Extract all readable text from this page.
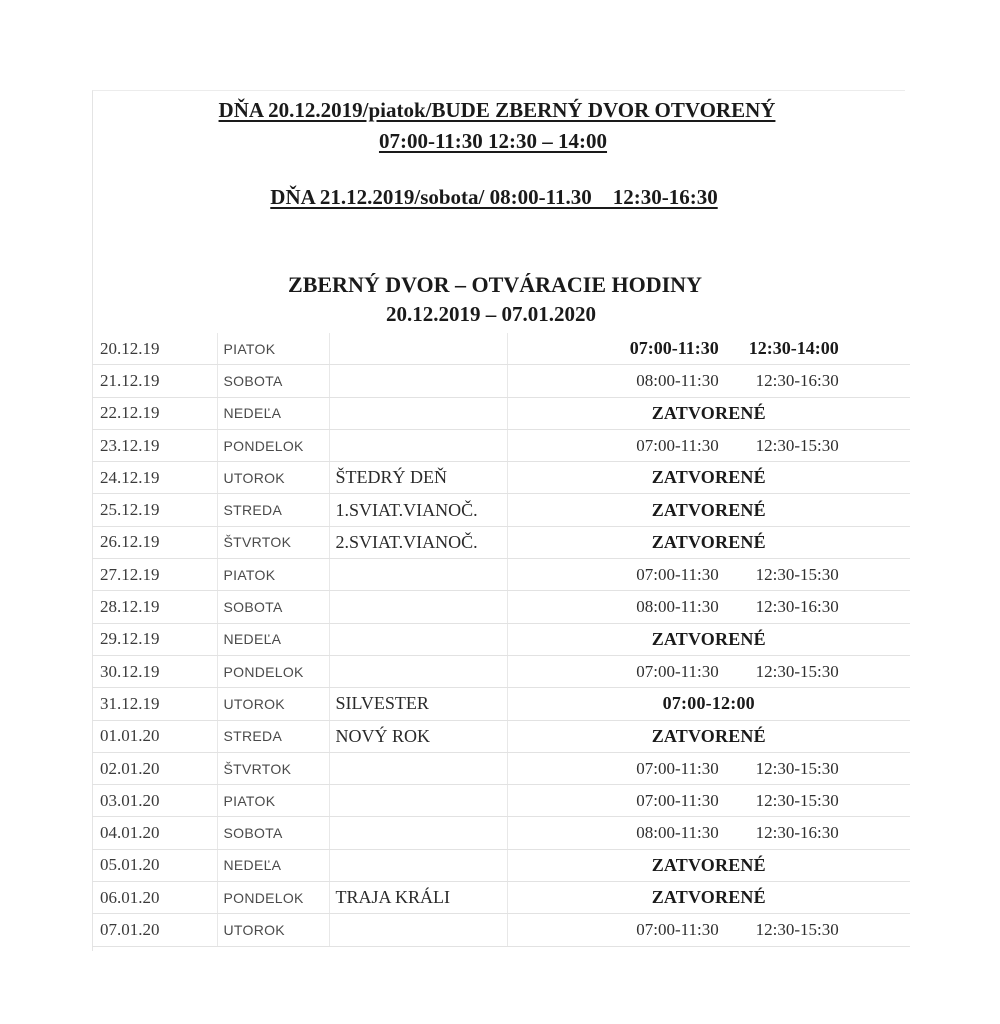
DŇA 20.12.2019/piatok/BUDE ZBERNÝ DVOR OTVORENÝ
07:00-11:30 12:30 – 14:00
DŇA 21.12.2019/sobota/ 08:00-11.30    12:30-16:30
ZBERNÝ DVOR – OTVÁRACIE HODINY
20.12.2019 – 07.01.2020
20.12.19	PIATOK		07:00-11:30 12:30-14:00
21.12.19	SOBOTA		08:00-11:30 12:30-16:30
22.12.19	NEDEĽA		ZATVORENÉ
23.12.19	PONDELOK		07:00-11:30 12:30-15:30
24.12.19	UTOROK	ŠTEDRÝ DEŇ	ZATVORENÉ
25.12.19	STREDA	1.SVIAT.VIANOČ.	ZATVORENÉ
26.12.19	ŠTVRTOK	2.SVIAT.VIANOČ.	ZATVORENÉ
27.12.19	PIATOK		07:00-11:30 12:30-15:30
28.12.19	SOBOTA		08:00-11:30 12:30-16:30
29.12.19	NEDEĽA		ZATVORENÉ
30.12.19	PONDELOK		07:00-11:30 12:30-15:30
31.12.19	UTOROK	SILVESTER	07:00-12:00
01.01.20	STREDA	NOVÝ ROK	ZATVORENÉ
02.01.20	ŠTVRTOK		07:00-11:30 12:30-15:30
03.01.20	PIATOK		07:00-11:30 12:30-15:30
04.01.20	SOBOTA		08:00-11:30 12:30-16:30
05.01.20	NEDEĽA		ZATVORENÉ
06.01.20	PONDELOK	TRAJA KRÁLI	ZATVORENÉ
07.01.20	UTOROK		07:00-11:30 12:30-15:30
